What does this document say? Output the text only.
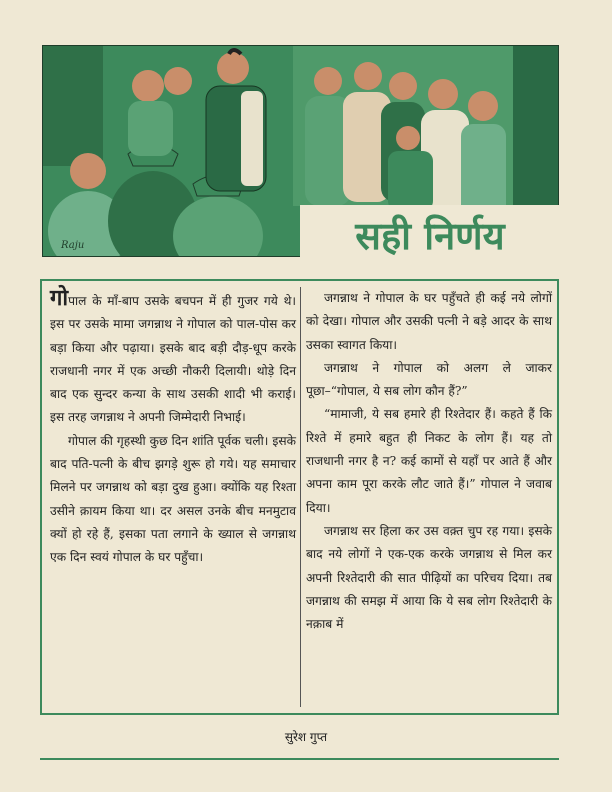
Raju	सही निर्णय

गोपाल के माँ-बाप उसके बचपन में ही गुजर गये थे। इस पर उसके मामा जगन्नाथ ने गोपाल को पाल-पोस कर बड़ा किया और पढ़ाया। इसके बाद बड़ी दौड़-धूप करके राजधानी नगर में एक अच्छी नौकरी दिलायी। थोड़े दिन बाद एक सुन्दर कन्या के साथ उसकी शादी भी कराई। इस तरह जगन्नाथ ने अपनी जिम्मेदारी निभाई।

गोपाल की गृहस्थी कुछ दिन शांति पूर्वक चली। इसके बाद पति-पत्नी के बीच झगड़े शुरू हो गये। यह समाचार मिलने पर जगन्नाथ को बड़ा दुख हुआ। क्योंकि यह रिश्ता उसीने क़ायम किया था। दर असल उनके बीच मनमुटाव क्यों हो रहे हैं, इसका पता लगाने के ख्याल से जगन्नाथ एक दिन स्वयं गोपाल के घर पहुँचा।

जगन्नाथ ने गोपाल के घर पहुँचते ही कई नये लोगों को देखा। गोपाल और उसकी पत्नी ने बड़े आदर के साथ उसका स्वागत किया।

जगन्नाथ ने गोपाल को अलग ले जाकर पूछा–“गोपाल, ये सब लोग कौन हैं?”

“मामाजी, ये सब हमारे ही रिश्तेदार हैं। कहते हैं कि रिश्ते में हमारे बहुत ही निकट के लोग हैं। यह तो राजधानी नगर है न? कई कामों से यहाँ पर आते हैं और अपना काम पूरा करके लौट जाते हैं।” गोपाल ने जवाब दिया।

जगन्नाथ सर हिला कर उस वक़्त चुप रह गया। इसके बाद नये लोगों ने एक-एक करके जगन्नाथ से मिल कर अपनी रिश्तेदारी की सात पीढ़ियों का परिचय दिया। तब जगन्नाथ की समझ में आया कि ये सब लोग रिश्तेदारी के नक़ाब में

सुरेश गुप्त
